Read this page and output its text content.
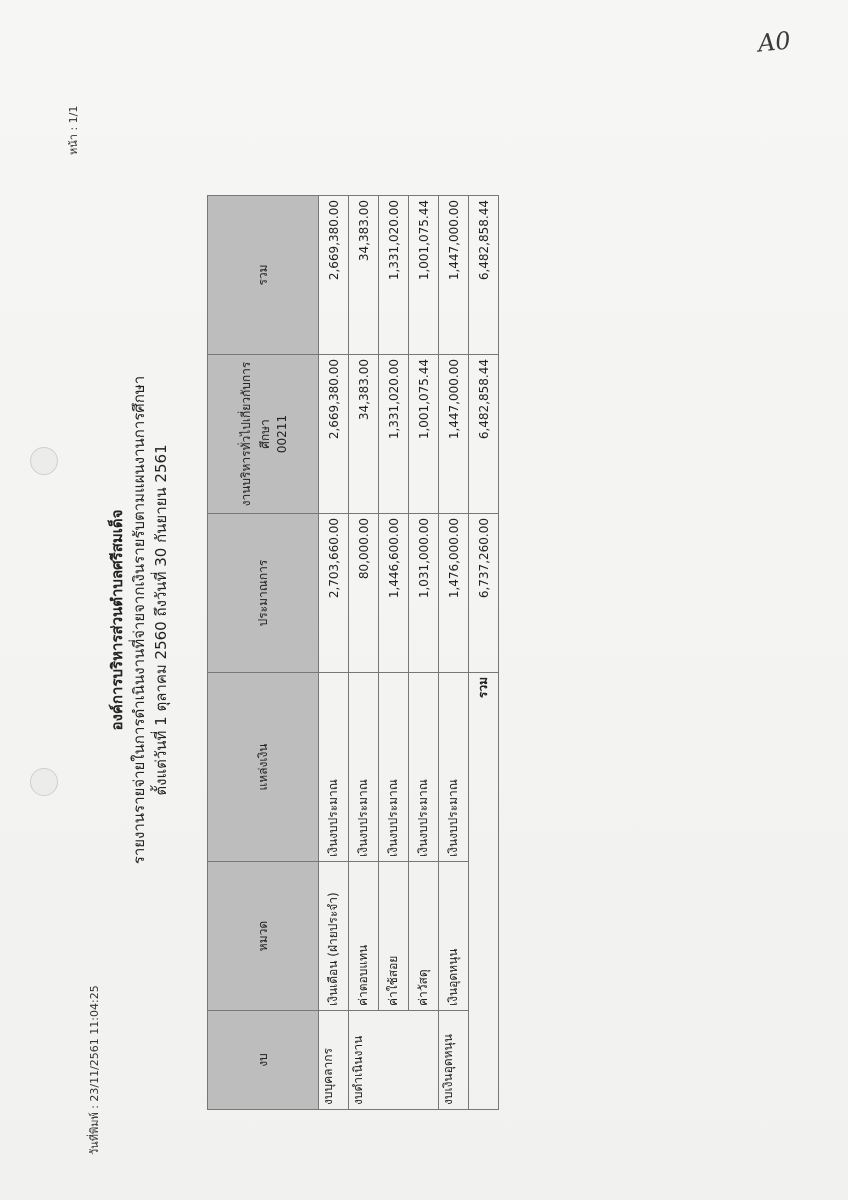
A0
วันที่พิมพ์ : 23/11/2561 11:04:25
หน้า : 1/1
องค์การบริหารส่วนตำบลศรีสมเด็จ รายงานรายจ่ายในการดำเนินงานที่จ่ายจากเงินรายรับตามแผนงานการศึกษา ตั้งแต่วันที่ 1 ตุลาคม 2560 ถึงวันที่ 30 กันยายน 2561
งบ	หมวด	แหล่งเงิน	ประมาณการ	งานบริหารทั่วไปเกี่ยวกับการศึกษา 00211	รวม
งบบุคลากร	เงินเดือน (ฝ่ายประจำ)	เงินงบประมาณ	2,703,660.00	2,669,380.00	2,669,380.00
งบดำเนินงาน	ค่าตอบแทน	เงินงบประมาณ	80,000.00	34,383.00	34,383.00
	ค่าใช้สอย	เงินงบประมาณ	1,446,600.00	1,331,020.00	1,331,020.00
	ค่าวัสดุ	เงินงบประมาณ	1,031,000.00	1,001,075.44	1,001,075.44
งบเงินอุดหนุน	เงินอุดหนุน	เงินงบประมาณ	1,476,000.00	1,447,000.00	1,447,000.00
		รวม	6,737,260.00	6,482,858.44	6,482,858.44
